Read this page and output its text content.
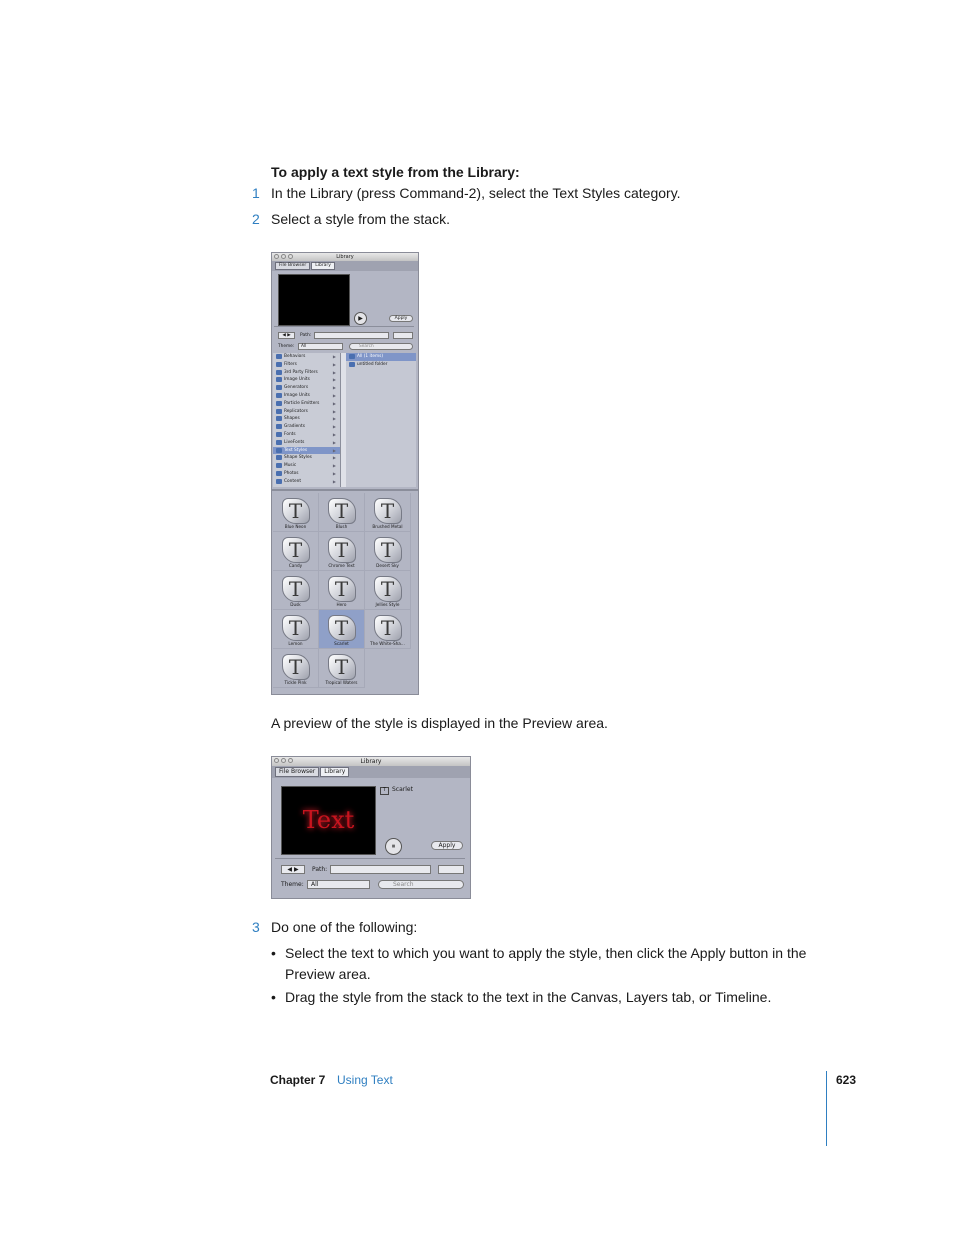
To apply a text style from the Library:
1 In the Library (press Command-2), select the Text Styles category.
2 Select a style from the stack.
Library
File Browser	Library
▶	Apply
◀ ▶	Path:
Theme:	All	Search
Behaviors	▶
Filters	▶
3rd Party Filters	▶
Image Units	▶
Generators	▶
Image Units	▶
Particle Emitters	▶
Replicators	▶
Shapes	▶
Gradients	▶
Fonts	▶
LiveFonts	▶
Text Styles	▶
Shape Styles	▶
Music	▶
Photos	▶
Content	▶
All (1 items)
untitled folder
T
Blue Neon
T
Blush
T
Brushed Metal
T
Candy
T
Chrome Text
T
Desert Sky
T
Dusk
T
Hero
T
Jellies Style
T
Lemon
T
Scarlet
T
The White-Sha...
T
Tickle Pink
T
Tropical Waters
A preview of the style is displayed in the Preview area.
Library
File Browser	Library
Text
T Scarlet
⏸	Apply
◀ ▶	Path:
Theme:	All	Search
3 Do one of the following:
• Select the text to which you want to apply the style, then click the Apply button in the Preview area.
• Drag the style from the stack to the text in the Canvas, Layers tab, or Timeline.
Chapter 7 Using Text	623
